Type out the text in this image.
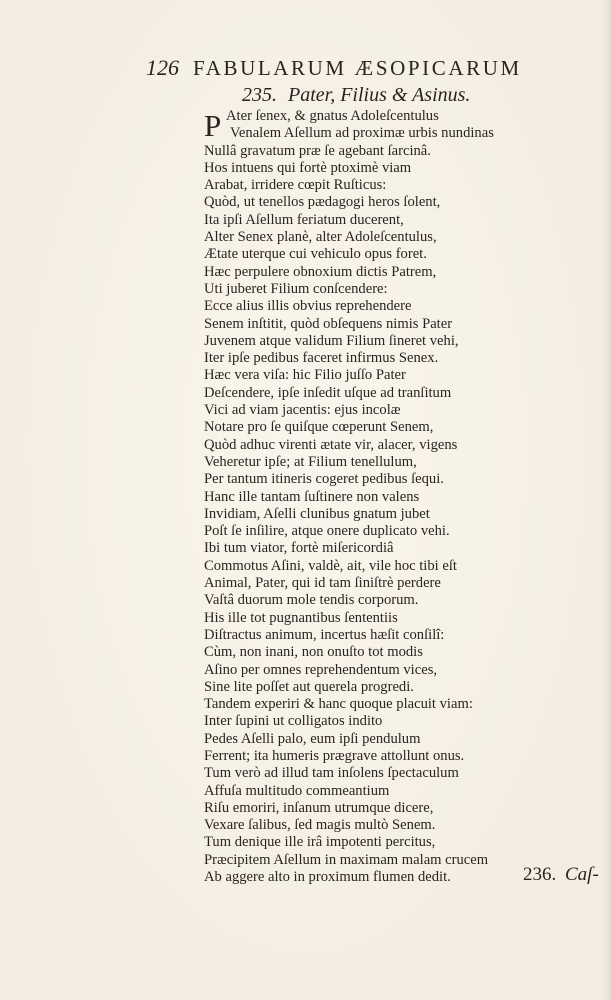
126 FABULARUM ÆSOPICARUM
235. Pater, Filius & Asinus.
P Ater ſenex, & gnatus Adoleſcentulus
Venalem Aſellum ad proximæ urbis nundinas
Nullâ gravatum præ ſe agebant ſarcinâ.
Hos intuens qui fortè ptoximè viam
Arabat, irridere cœpit Ruſticus:
Quòd, ut tenellos pædagogi heros ſolent,
Ita ipſi Aſellum feriatum ducerent,
Alter Senex planè, alter Adoleſcentulus,
Ætate uterque cui vehiculo opus foret.
Hæc perpulere obnoxium dictis Patrem,
Uti juberet Filium conſcendere:
Ecce alius illis obvius reprehendere
Senem inſtitit, quòd obſequens nimis Pater
Juvenem atque validum Filium ſineret vehi,
Iter ipſe pedibus faceret infirmus Senex.
Hæc vera viſa: hic Filio juſſo Pater
Deſcendere, ipſe inſedit uſque ad tranſitum
Vici ad viam jacentis: ejus incolæ
Notare pro ſe quiſque cœperunt Senem,
Quòd adhuc virenti ætate vir, alacer, vigens
Veheretur ipſe; at Filium tenellulum,
Per tantum itineris cogeret pedibus ſequi.
Hanc ille tantam ſuſtinere non valens
Invidiam, Aſelli clunibus gnatum jubet
Poſt ſe inſilire, atque onere duplicato vehi.
Ibi tum viator, fortè miſericordiâ
Commotus Aſini, valdè, ait, vile hoc tibi eſt
Animal, Pater, qui id tam ſiniſtrè perdere
Vaſtâ duorum mole tendis corporum.
His ille tot pugnantibus ſententiis
Diſtractus animum, incertus hæſit conſilî:
Cùm, non inani, non onuſto tot modis
Aſino per omnes reprehendentum vices,
Sine lite poſſet aut querela progredi.
Tandem experiri & hanc quoque placuit viam:
Inter ſupini ut colligatos indito
Pedes Aſelli palo, eum ipſi pendulum
Ferrent; ita humeris prægrave attollunt onus.
Tum verò ad illud tam inſolens ſpectaculum
Affuſa multitudo commeantium
Riſu emoriri, inſanum utrumque dicere,
Vexare ſalibus, ſed magis multò Senem.
Tum denique ille irâ impotenti percitus,
Præcipitem Aſellum in maximam malam crucem
Ab aggere alto in proximum flumen dedit.	236. Caſ-
